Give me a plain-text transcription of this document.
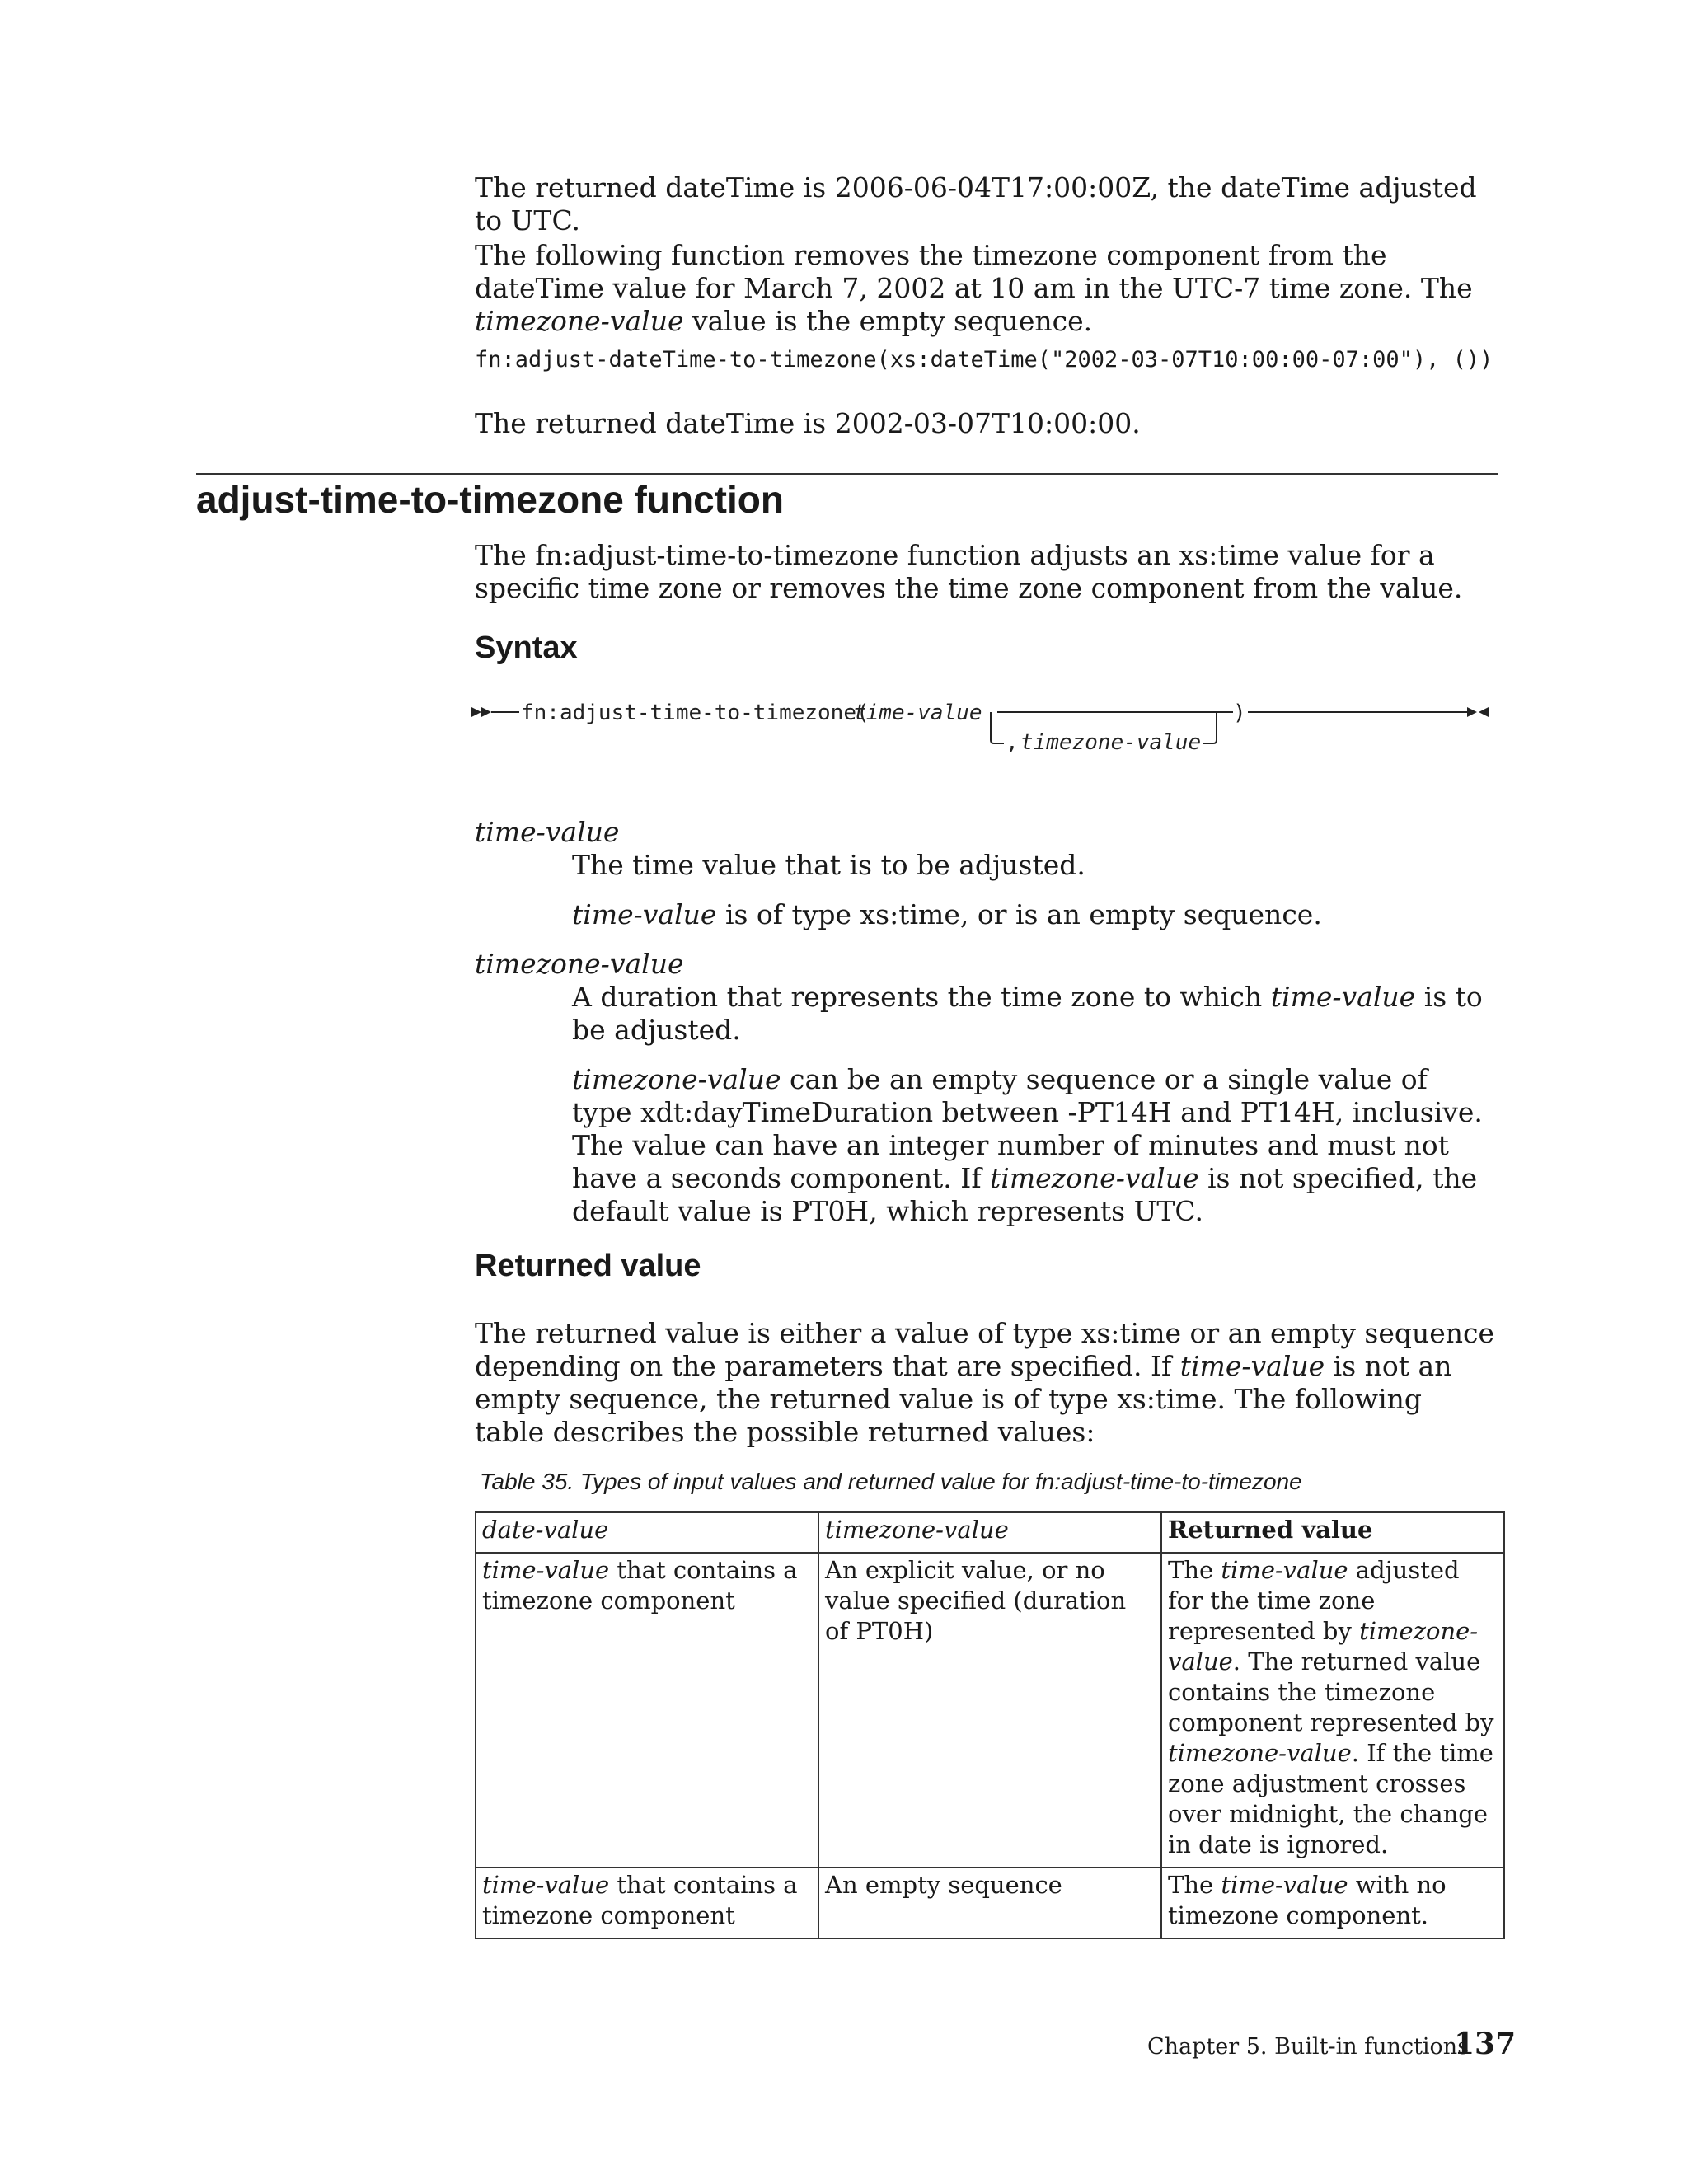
The returned dateTime is 2006-06-04T17:00:00Z, the dateTime adjusted to UTC.
The following function removes the timezone component from the dateTime value for March 7, 2002 at 10 am in the UTC-7 time zone. The timezone-value value is the empty sequence.
fn:adjust-dateTime-to-timezone(xs:dateTime("2002-03-07T10:00:00-07:00"), ())
The returned dateTime is 2002-03-07T10:00:00.
adjust-time-to-timezone function
The fn:adjust-time-to-timezone function adjusts an xs:time value for a specific time zone or removes the time zone component from the value.
Syntax
fn:adjust-time-to-timezone(
time-value
, timezone-value
)
time-value
The time value that is to be adjusted.
time-value is of type xs:time, or is an empty sequence.
timezone-value
A duration that represents the time zone to which time-value is to be adjusted.
timezone-value can be an empty sequence or a single value of type xdt:dayTimeDuration between -PT14H and PT14H, inclusive. The value can have an integer number of minutes and must not have a seconds component. If timezone-value is not specified, the default value is PT0H, which represents UTC.
Returned value
The returned value is either a value of type xs:time or an empty sequence depending on the parameters that are specified. If time-value is not an empty sequence, the returned value is of type xs:time. The following table describes the possible returned values:
Table 35. Types of input values and returned value for fn:adjust-time-to-timezone
date-value	timezone-value	Returned value
time-value that contains a timezone component	An explicit value, or no value specified (duration of PT0H)	The time-value adjusted for the time zone represented by timezone-value. The returned value contains the timezone component represented by timezone-value. If the time zone adjustment crosses over midnight, the change in date is ignored.
time-value that contains a timezone component	An empty sequence	The time-value with no timezone component.
Chapter 5. Built-in functions
137
